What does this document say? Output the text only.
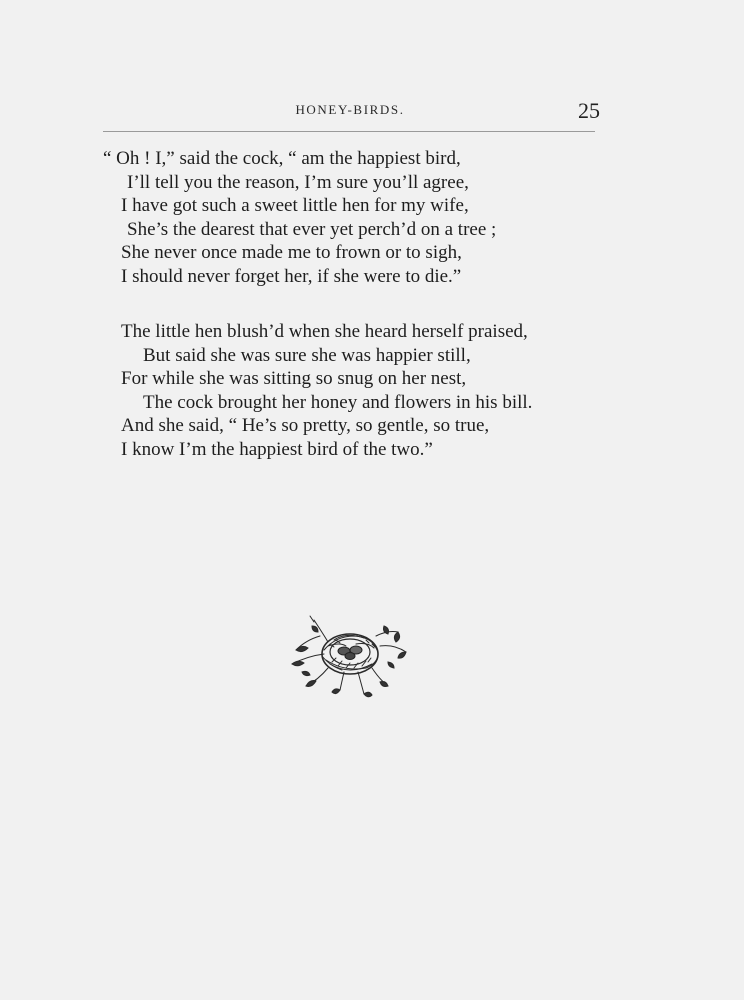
HONEY-BIRDS.	25
“ Oh ! I,” said the cock, “ am the happiest bird,
I’ll tell you the reason, I’m sure you’ll agree,
I have got such a sweet little hen for my wife,
She’s the dearest that ever yet perch’d on a tree ;
She never once made me to frown or to sigh,
I should never forget her, if she were to die.”
The little hen blush’d when she heard herself praised,
But said she was sure she was happier still,
For while she was sitting so snug on her nest,
The cock brought her honey and flowers in his bill.
And she said, “ He’s so pretty, so gentle, so true,
I know I’m the happiest bird of the two.”
